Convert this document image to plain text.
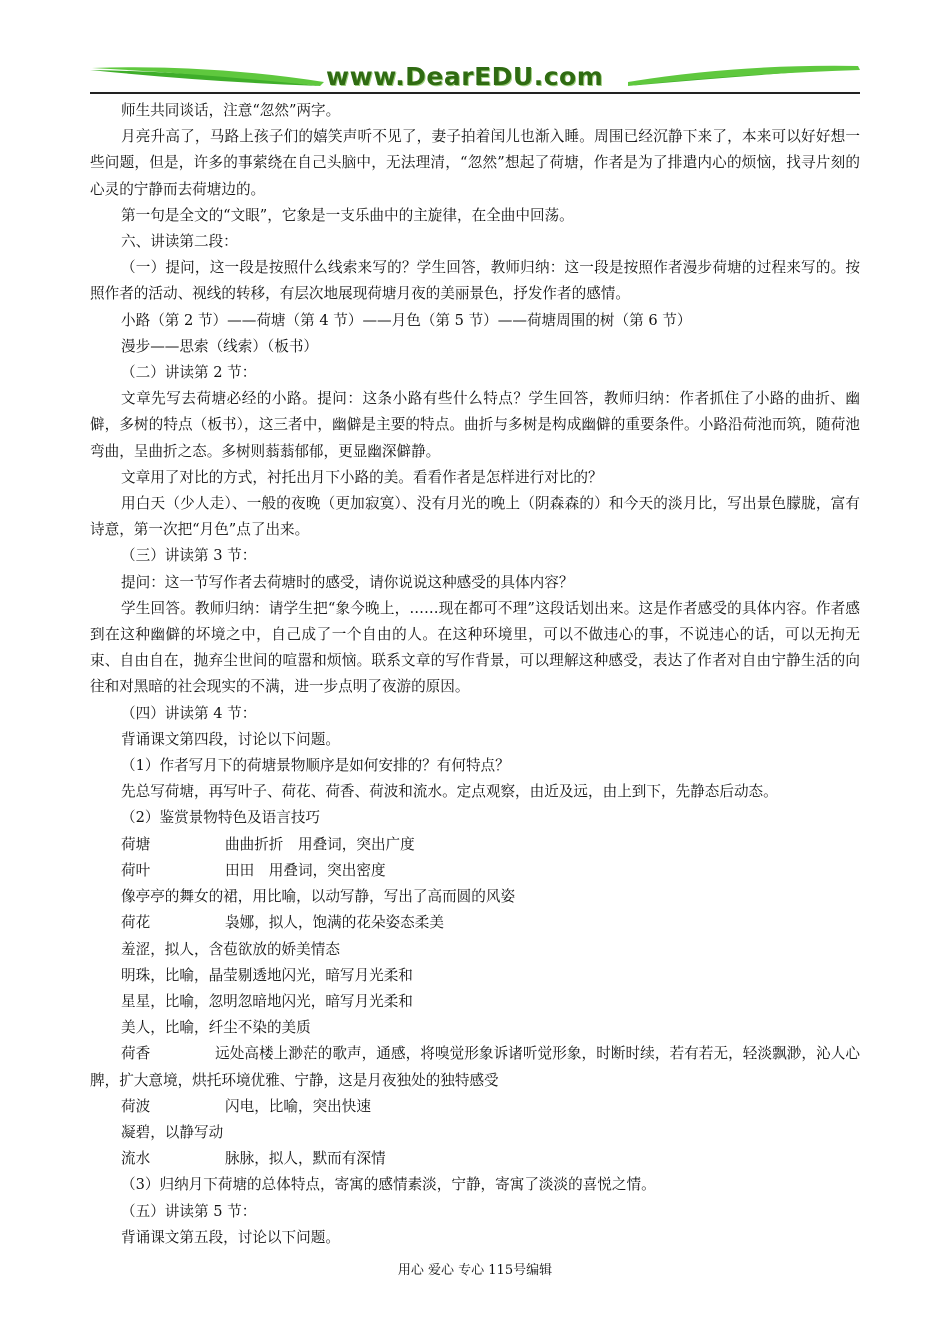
www.DearEDU.com

师生共同谈话，注意“忽然”两字。

月亮升高了，马路上孩子们的嬉笑声听不见了，妻子拍着闰儿也渐入睡。周围已经沉静下来了，本来可以好好想一些问题，但是，许多的事萦绕在自己头脑中，无法理清，“忽然”想起了荷塘，作者是为了排遣内心的烦恼，找寻片刻的心灵的宁静而去荷塘边的。

第一句是全文的“文眼”，它象是一支乐曲中的主旋律，在全曲中回荡。

六、讲读第二段：

（一）提问，这一段是按照什么线索来写的？学生回答，教师归纳：这一段是按照作者漫步荷塘的过程来写的。按照作者的活动、视线的转移，有层次地展现荷塘月夜的美丽景色，抒发作者的感情。

小路（第 2 节）——荷塘（第 4 节）——月色（第 5 节）——荷塘周围的树（第 6 节）

漫步——思索（线索）（板书）

（二）讲读第 2 节：

文章先写去荷塘必经的小路。提问：这条小路有些什么特点？学生回答，教师归纳：作者抓住了小路的曲折、幽僻，多树的特点（板书），这三者中，幽僻是主要的特点。曲折与多树是构成幽僻的重要条件。小路沿荷池而筑，随荷池弯曲，呈曲折之态。多树则蓊蓊郁郁，更显幽深僻静。

文章用了对比的方式，衬托出月下小路的美。看看作者是怎样进行对比的？

用白天（少人走）、一般的夜晚（更加寂寞）、没有月光的晚上（阴森森的）和今天的淡月比，写出景色朦胧，富有诗意，第一次把“月色”点了出来。

（三）讲读第 3 节：

提问：这一节写作者去荷塘时的感受，请你说说这种感受的具体内容？

学生回答。教师归纳：请学生把“象今晚上，……现在都可不理”这段话划出来。这是作者感受的具体内容。作者感到在这种幽僻的坏境之中，自己成了一个自由的人。在这种环境里，可以不做违心的事，不说违心的话，可以无拘无束、自由自在，抛弃尘世间的喧嚣和烦恼。联系文章的写作背景，可以理解这种感受，表达了作者对自由宁静生活的向往和对黑暗的社会现实的不满，进一步点明了夜游的原因。

（四）讲读第 4 节：

背诵课文第四段，讨论以下问题。

（1）作者写月下的荷塘景物顺序是如何安排的？有何特点？

先总写荷塘，再写叶子、荷花、荷香、荷波和流水。定点观察，由近及远，由上到下，先静态后动态。

（2）鉴赏景物特色及语言技巧

荷塘	曲曲折折　用叠词，突出广度

荷叶	田田　用叠词，突出密度

像亭亭的舞女的裙，用比喻，以动写静，写出了高而圆的风姿

荷花	袅娜，拟人，饱满的花朵姿态柔美

羞涩，拟人，含苞欲放的娇美情态

明珠，比喻，晶莹剔透地闪光，暗写月光柔和

星星，比喻，忽明忽暗地闪光，暗写月光柔和

美人，比喻，纤尘不染的美质

荷香	远处高楼上渺茫的歌声，通感，将嗅觉形象诉诸听觉形象，时断时续，若有若无，轻淡飘渺，沁人心脾，扩大意境，烘托环境优雅、宁静，这是月夜独处的独特感受

荷波	闪电，比喻，突出快速

凝碧，以静写动

流水	脉脉，拟人，默而有深情

（3）归纳月下荷塘的总体特点，寄寓的感情素淡，宁静，寄寓了淡淡的喜悦之情。

（五）讲读第 5 节：

背诵课文第五段，讨论以下问题。

用心 爱心 专心 115号编辑
